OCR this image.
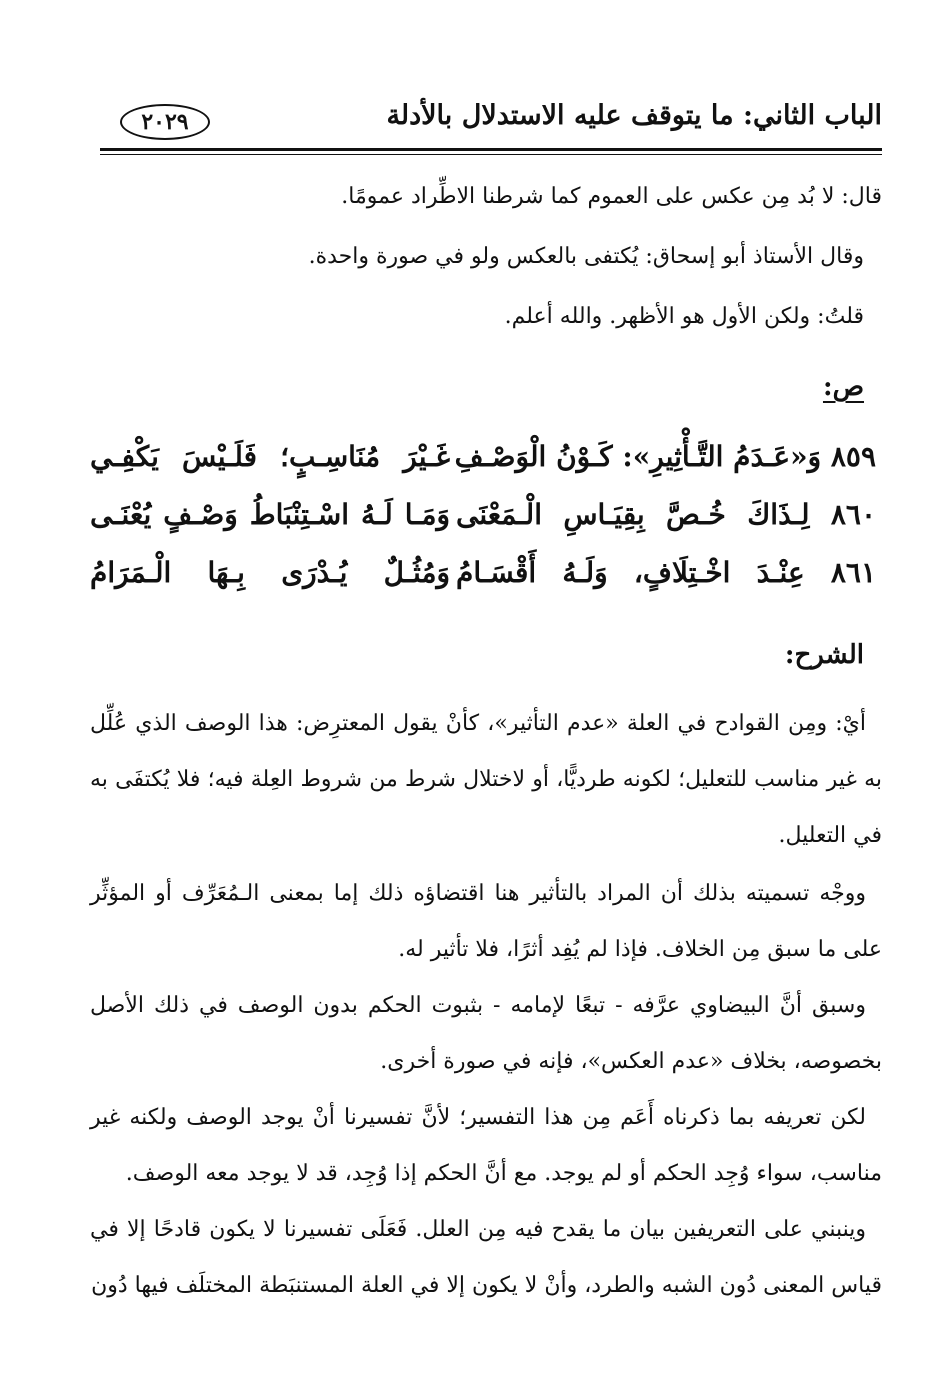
الباب الثاني: ما يتوقف عليه الاستدلال بالأدلة
٢٠٢٩
قال: لا بُد مِن عكس على العموم كما شرطنا الاطِّراد عمومًا.
وقال الأستاذ أبو إسحاق: يُكتفى بالعكس ولو في صورة واحدة.
قلتُ: ولكن الأول هو الأظهر. والله أعلم.
ص:
٨٥٩ وَ«عَـدَمُ التَّـأْثِيرِ»: كَـوْنُ الْوَصْـفِ
غَـيْرَ مُنَاسِـبٍ؛ فَلَـيْسَ يَكْفِـي
٨٦٠ لِـذَاكَ خُـصَّ بِقِيَـاسِ الْـمَعْنَى
وَمَـا لَـهُ اسْـتِنْبَاطُ وَصْـفٍ يُعْنَـى
٨٦١ عِنْـدَ اخْـتِلَافٍ، وَلَـهُ أَقْسَـامُ
وَمُثُـلٌ يُـدْرَى بِـهَا الْـمَرَامُ
الشرح:
أيْ: ومِن القوادح في العلة «عدم التأثير»، كأنْ يقول المعترِض: هذا الوصف الذي عُلِّل به غير مناسب للتعليل؛ لكونه طرديًّا، أو لاختلال شرط من شروط العِلة فيه؛ فلا يُكتفَى به في التعليل.
ووجْه تسميته بذلك أن المراد بالتأثير هنا اقتضاؤه ذلك إما بمعنى الـمُعَرِّف أو المؤثِّر على ما سبق مِن الخلاف. فإذا لم يُفِد أثرًا، فلا تأثير له.
وسبق أنَّ البيضاوي عرَّفه - تبعًا لإمامه - بثبوت الحكم بدون الوصف في ذلك الأصل بخصوصه، بخلاف «عدم العكس»، فإنه في صورة أخرى.
لكن تعريفه بما ذكرناه أَعَم مِن هذا التفسير؛ لأنَّ تفسيرنا أنْ يوجد الوصف ولكنه غير مناسب، سواء وُجِد الحكم أو لم يوجد. مع أنَّ الحكم إذا وُجِد، قد لا يوجد معه الوصف.
وينبني على التعريفين بيان ما يقدح فيه مِن العلل. فَعَلَى تفسيرنا لا يكون قادحًا إلا في قياس المعنى دُون الشبه والطرد، وأنْ لا يكون إلا في العلة المستنبَطة المختلَف فيها دُون
